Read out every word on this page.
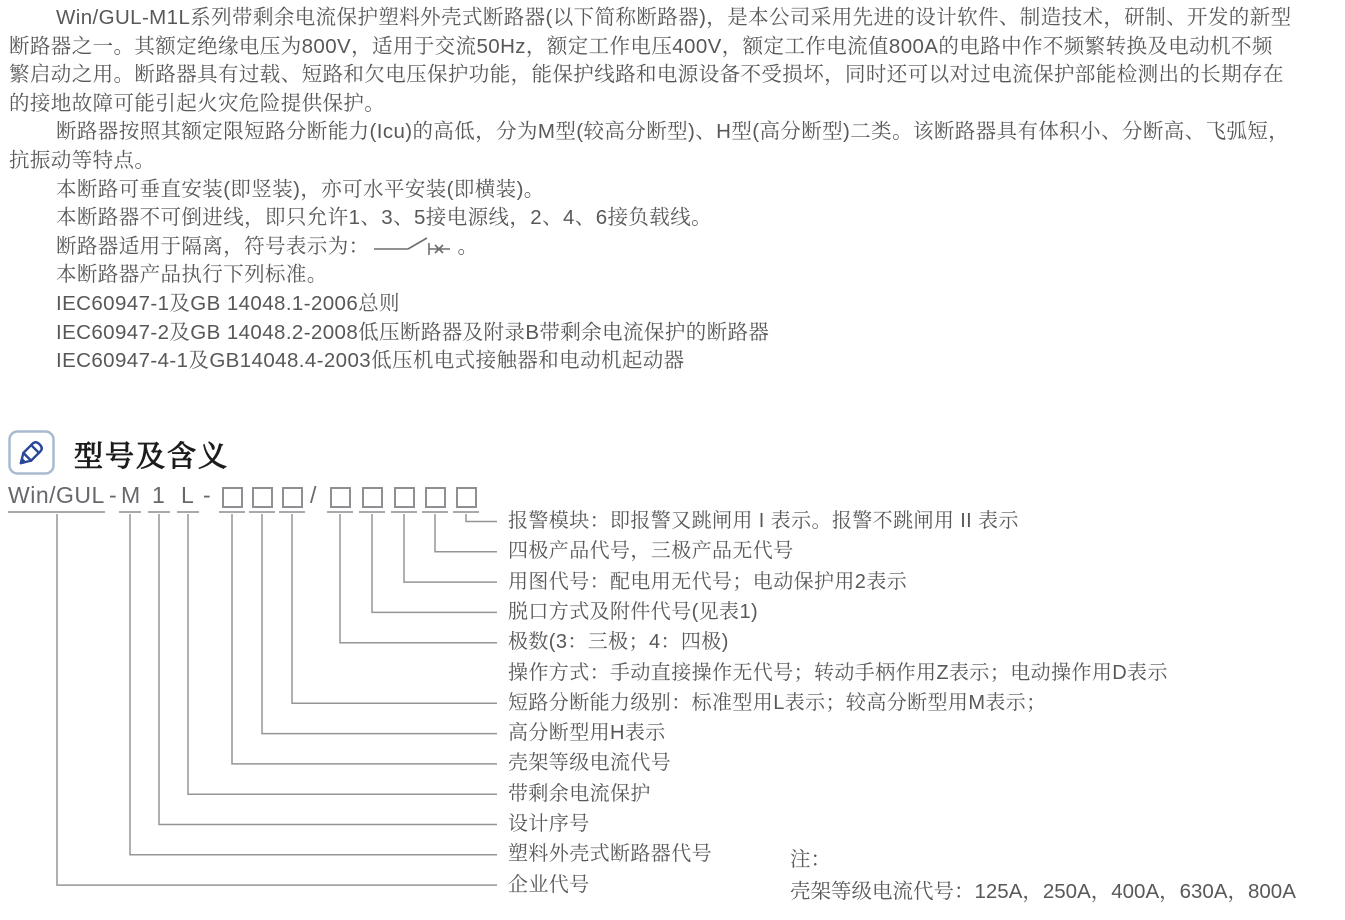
Win/GUL-M1L系列带剩余电流保护塑料外壳式断路器(以下简称断路器)，是本公司采用先进的设计软件、制造技术，研制、开发的新型
断路器之一。其额定绝缘电压为800V，适用于交流50Hz，额定工作电压400V，额定工作电流值800A的电路中作不频繁转换及电动机不频
繁启动之用。断路器具有过载、短路和欠电压保护功能，能保护线路和电源设备不受损坏，同时还可以对过电流保护部能检测出的长期存在
的接地故障可能引起火灾危险提供保护。
断路器按照其额定限短路分断能力(Icu)的高低，分为M型(较高分断型)、H型(高分断型)二类。该断路器具有体积小、分断高、飞弧短，
抗振动等特点。
本断路可垂直安装(即竖装)，亦可水平安装(即横装)。
本断路器不可倒进线，即只允许1、3、5接电源线，2、4、6接负载线。
断路器适用于隔离，符号表示为：	。
本断路器产品执行下列标准。
IEC60947-1及GB 14048.1-2006总则
IEC60947-2及GB 14048.2-2008低压断路器及附录B带剩余电流保护的断路器
IEC60947-4-1及GB14048.4-2003低压机电式接触器和电动机起动器
型号及含义
Win/GUL - M 1 L -	/
报警模块：即报警又跳闸用 I 表示。报警不跳闸用 II 表示
四极产品代号，三极产品无代号
用图代号：配电用无代号；电动保护用2表示
脱口方式及附件代号(见表1)
极数(3：三极；4：四极)
操作方式：手动直接操作无代号；转动手柄作用Z表示；电动操作用D表示
短路分断能力级别：标准型用L表示；较高分断型用M表示；
高分断型用H表示
壳架等级电流代号
带剩余电流保护
设计序号
塑料外壳式断路器代号
企业代号
注：
壳架等级电流代号：125A，250A，400A，630A，800A
